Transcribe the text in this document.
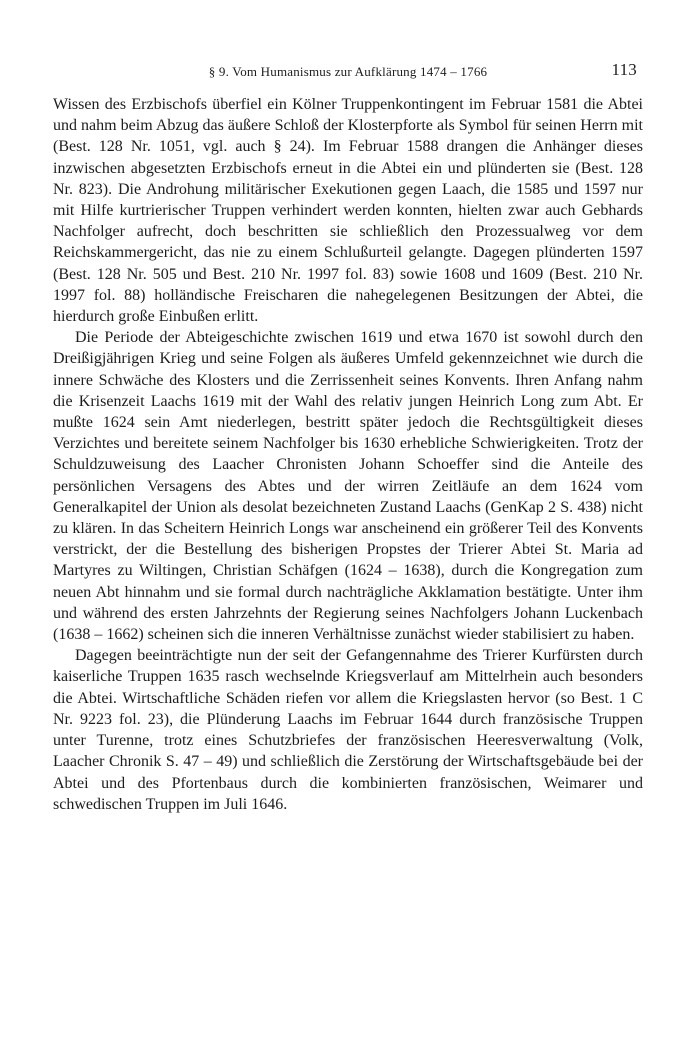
§ 9. Vom Humanismus zur Aufklärung 1474 – 1766	113

Wissen des Erzbischofs überfiel ein Kölner Truppenkontingent im Februar 1581 die Abtei und nahm beim Abzug das äußere Schloß der Klosterpforte als Symbol für seinen Herrn mit (Best. 128 Nr. 1051, vgl. auch § 24). Im Februar 1588 drangen die Anhänger dieses inzwischen abgesetzten Erzbischofs erneut in die Abtei ein und plünderten sie (Best. 128 Nr. 823). Die Androhung militärischer Exekutionen gegen Laach, die 1585 und 1597 nur mit Hilfe kurtrierischer Truppen verhindert werden konnten, hielten zwar auch Gebhards Nachfolger aufrecht, doch beschritten sie schließlich den Prozessualweg vor dem Reichskammergericht, das nie zu einem Schlußurteil gelangte. Dagegen plünderten 1597 (Best. 128 Nr. 505 und Best. 210 Nr. 1997 fol. 83) sowie 1608 und 1609 (Best. 210 Nr. 1997 fol. 88) holländische Freischaren die nahegelegenen Besitzungen der Abtei, die hierdurch große Einbußen erlitt.

Die Periode der Abteigeschichte zwischen 1619 und etwa 1670 ist sowohl durch den Dreißigjährigen Krieg und seine Folgen als äußeres Umfeld gekennzeichnet wie durch die innere Schwäche des Klosters und die Zerrissenheit seines Konvents. Ihren Anfang nahm die Krisenzeit Laachs 1619 mit der Wahl des relativ jungen Heinrich Long zum Abt. Er mußte 1624 sein Amt niederlegen, bestritt später jedoch die Rechtsgültigkeit dieses Verzichtes und bereitete seinem Nachfolger bis 1630 erhebliche Schwierigkeiten. Trotz der Schuldzuweisung des Laacher Chronisten Johann Schoeffer sind die Anteile des persönlichen Versagens des Abtes und der wirren Zeitläufe an dem 1624 vom Generalkapitel der Union als desolat bezeichneten Zustand Laachs (GenKap 2 S. 438) nicht zu klären. In das Scheitern Heinrich Longs war anscheinend ein größerer Teil des Konvents verstrickt, der die Bestellung des bisherigen Propstes der Trierer Abtei St. Maria ad Martyres zu Wiltingen, Christian Schäfgen (1624 – 1638), durch die Kongregation zum neuen Abt hinnahm und sie formal durch nachträgliche Akklamation bestätigte. Unter ihm und während des ersten Jahrzehnts der Regierung seines Nachfolgers Johann Luckenbach (1638 – 1662) scheinen sich die inneren Verhältnisse zunächst wieder stabilisiert zu haben.

Dagegen beeinträchtigte nun der seit der Gefangennahme des Trierer Kurfürsten durch kaiserliche Truppen 1635 rasch wechselnde Kriegsverlauf am Mittelrhein auch besonders die Abtei. Wirtschaftliche Schäden riefen vor allem die Kriegslasten hervor (so Best. 1 C Nr. 9223 fol. 23), die Plünderung Laachs im Februar 1644 durch französische Truppen unter Turenne, trotz eines Schutzbriefes der französischen Heeresverwaltung (Volk, Laacher Chronik S. 47 – 49) und schließlich die Zerstörung der Wirtschaftsgebäude bei der Abtei und des Pfortenbaus durch die kombinierten französischen, Weimarer und schwedischen Truppen im Juli 1646.
